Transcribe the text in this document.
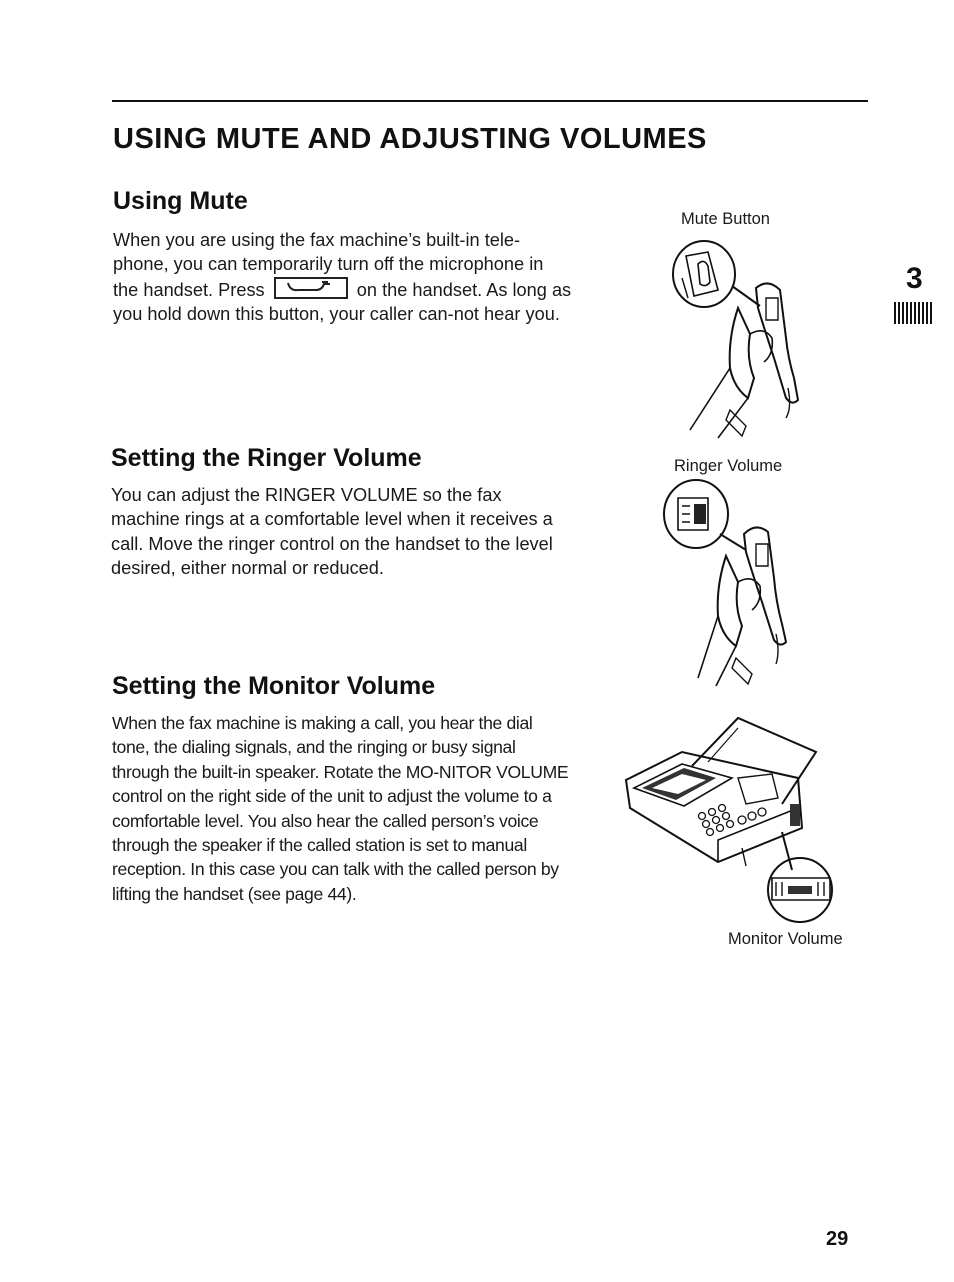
USING MUTE AND ADJUSTING VOLUMES
3
Using Mute

When you are using the fax machine’s built-in tele-phone, you can temporarily turn off the microphone in the handset. Press	on the handset. As long as you hold down this button, your caller can-not hear you.

Mute Button
Setting the Ringer Volume

You can adjust the RINGER VOLUME so the fax machine rings at a comfortable level when it receives a call. Move the ringer control on the handset to the level desired, either normal or reduced.

Ringer Volume
Setting the Monitor Volume

When the fax machine is making a call, you hear the dial tone, the dialing signals, and the ringing or busy signal through the built-in speaker. Rotate the MO-NITOR VOLUME control on the right side of the unit to adjust the volume to a comfortable level. You also hear the called person’s voice through the speaker if the called station is set to manual reception. In this case you can talk with the called person by lifting the handset (see page 44).

Monitor Volume
29
